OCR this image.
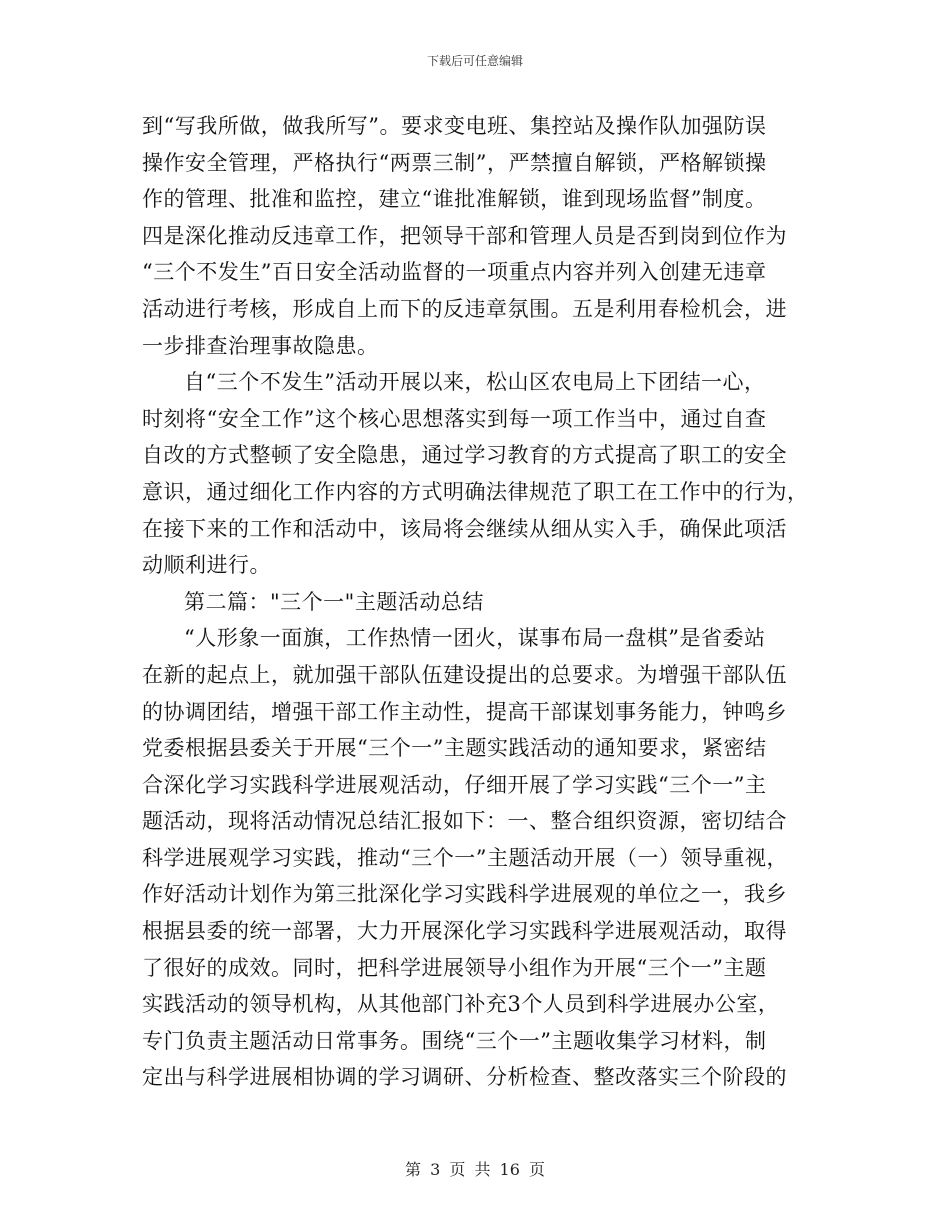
下载后可任意编辑
到“写我所做，做我所写”。要求变电班、集控站及操作队加强防误
操作安全管理，严格执行“两票三制”，严禁擅自解锁，严格解锁操
作的管理、批准和监控，建立“谁批准解锁，谁到现场监督”制度。
四是深化推动反违章工作，把领导干部和管理人员是否到岗到位作为
“三个不发生”百日安全活动监督的一项重点内容并列入创建无违章
活动进行考核，形成自上而下的反违章氛围。五是利用春检机会，进
一步排查治理事故隐患。
自“三个不发生”活动开展以来，松山区农电局上下团结一心，
时刻将“安全工作”这个核心思想落实到每一项工作当中，通过自查
自改的方式整顿了安全隐患，通过学习教育的方式提高了职工的安全
意识，通过细化工作内容的方式明确法律规范了职工在工作中的行为，
在接下来的工作和活动中，该局将会继续从细从实入手，确保此项活
动顺利进行。
第二篇："三个一"主题活动总结
“人形象一面旗，工作热情一团火，谋事布局一盘棋”是省委站
在新的起点上，就加强干部队伍建设提出的总要求。为增强干部队伍
的协调团结，增强干部工作主动性，提高干部谋划事务能力，钟鸣乡
党委根据县委关于开展“三个一”主题实践活动的通知要求，紧密结
合深化学习实践科学进展观活动，仔细开展了学习实践“三个一”主
题活动，现将活动情况总结汇报如下：一、整合组织资源，密切结合
科学进展观学习实践，推动“三个一”主题活动开展（一）领导重视，
作好活动计划作为第三批深化学习实践科学进展观的单位之一，我乡
根据县委的统一部署，大力开展深化学习实践科学进展观活动，取得
了很好的成效。同时，把科学进展领导小组作为开展“三个一”主题
实践活动的领导机构，从其他部门补充3个人员到科学进展办公室，
专门负责主题活动日常事务。围绕“三个一”主题收集学习材料，制
定出与科学进展相协调的学习调研、分析检查、整改落实三个阶段的
第 3 页 共 16 页
